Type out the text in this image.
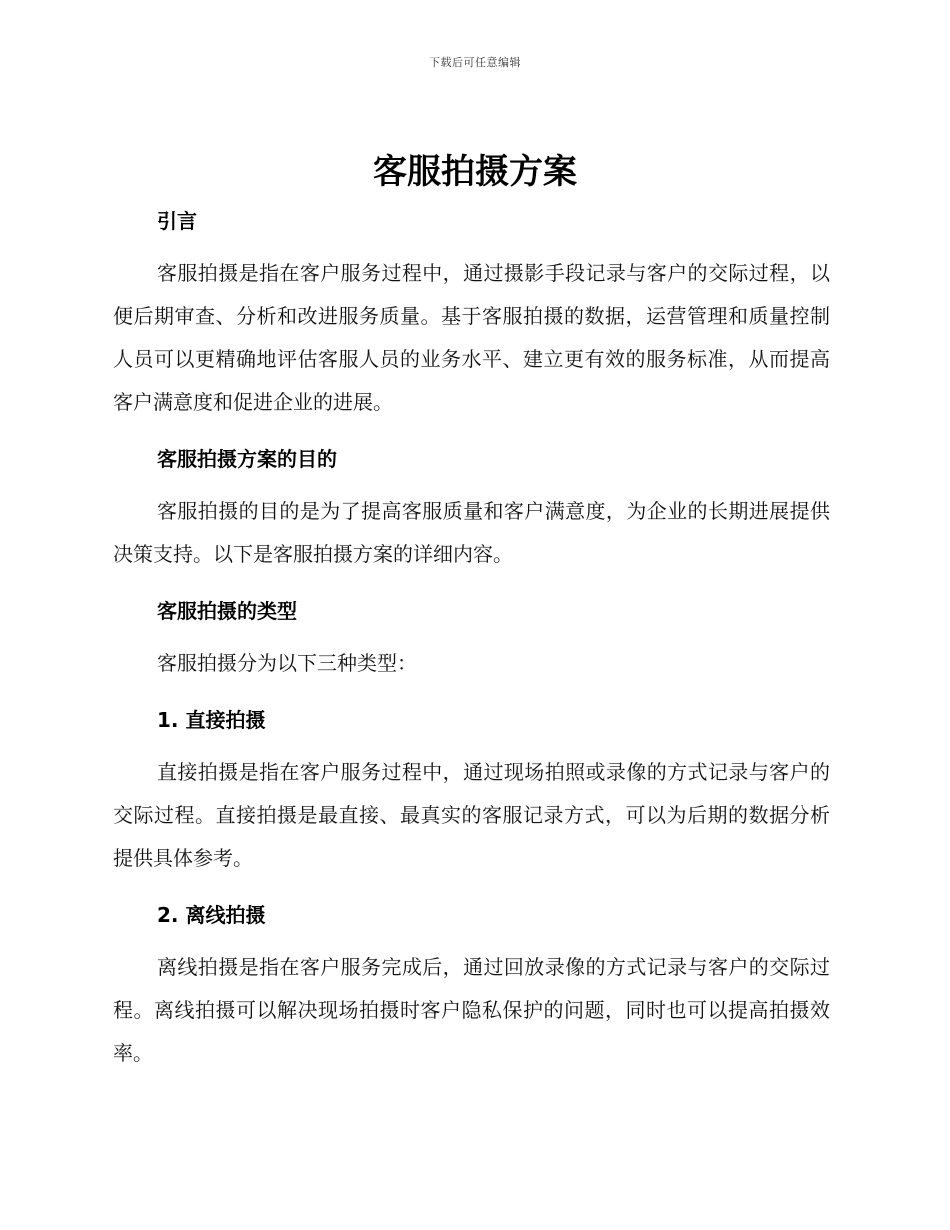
下载后可任意编辑
客服拍摄方案
引言

客服拍摄是指在客户服务过程中，通过摄影手段记录与客户的交际过程，以便后期审查、分析和改进服务质量。基于客服拍摄的数据，运营管理和质量控制人员可以更精确地评估客服人员的业务水平、建立更有效的服务标准，从而提高客户满意度和促进企业的进展。

客服拍摄方案的目的

客服拍摄的目的是为了提高客服质量和客户满意度，为企业的长期进展提供决策支持。以下是客服拍摄方案的详细内容。

客服拍摄的类型

客服拍摄分为以下三种类型：

1. 直接拍摄

直接拍摄是指在客户服务过程中，通过现场拍照或录像的方式记录与客户的交际过程。直接拍摄是最直接、最真实的客服记录方式，可以为后期的数据分析提供具体参考。

2. 离线拍摄

离线拍摄是指在客户服务完成后，通过回放录像的方式记录与客户的交际过程。离线拍摄可以解决现场拍摄时客户隐私保护的问题，同时也可以提高拍摄效率。
